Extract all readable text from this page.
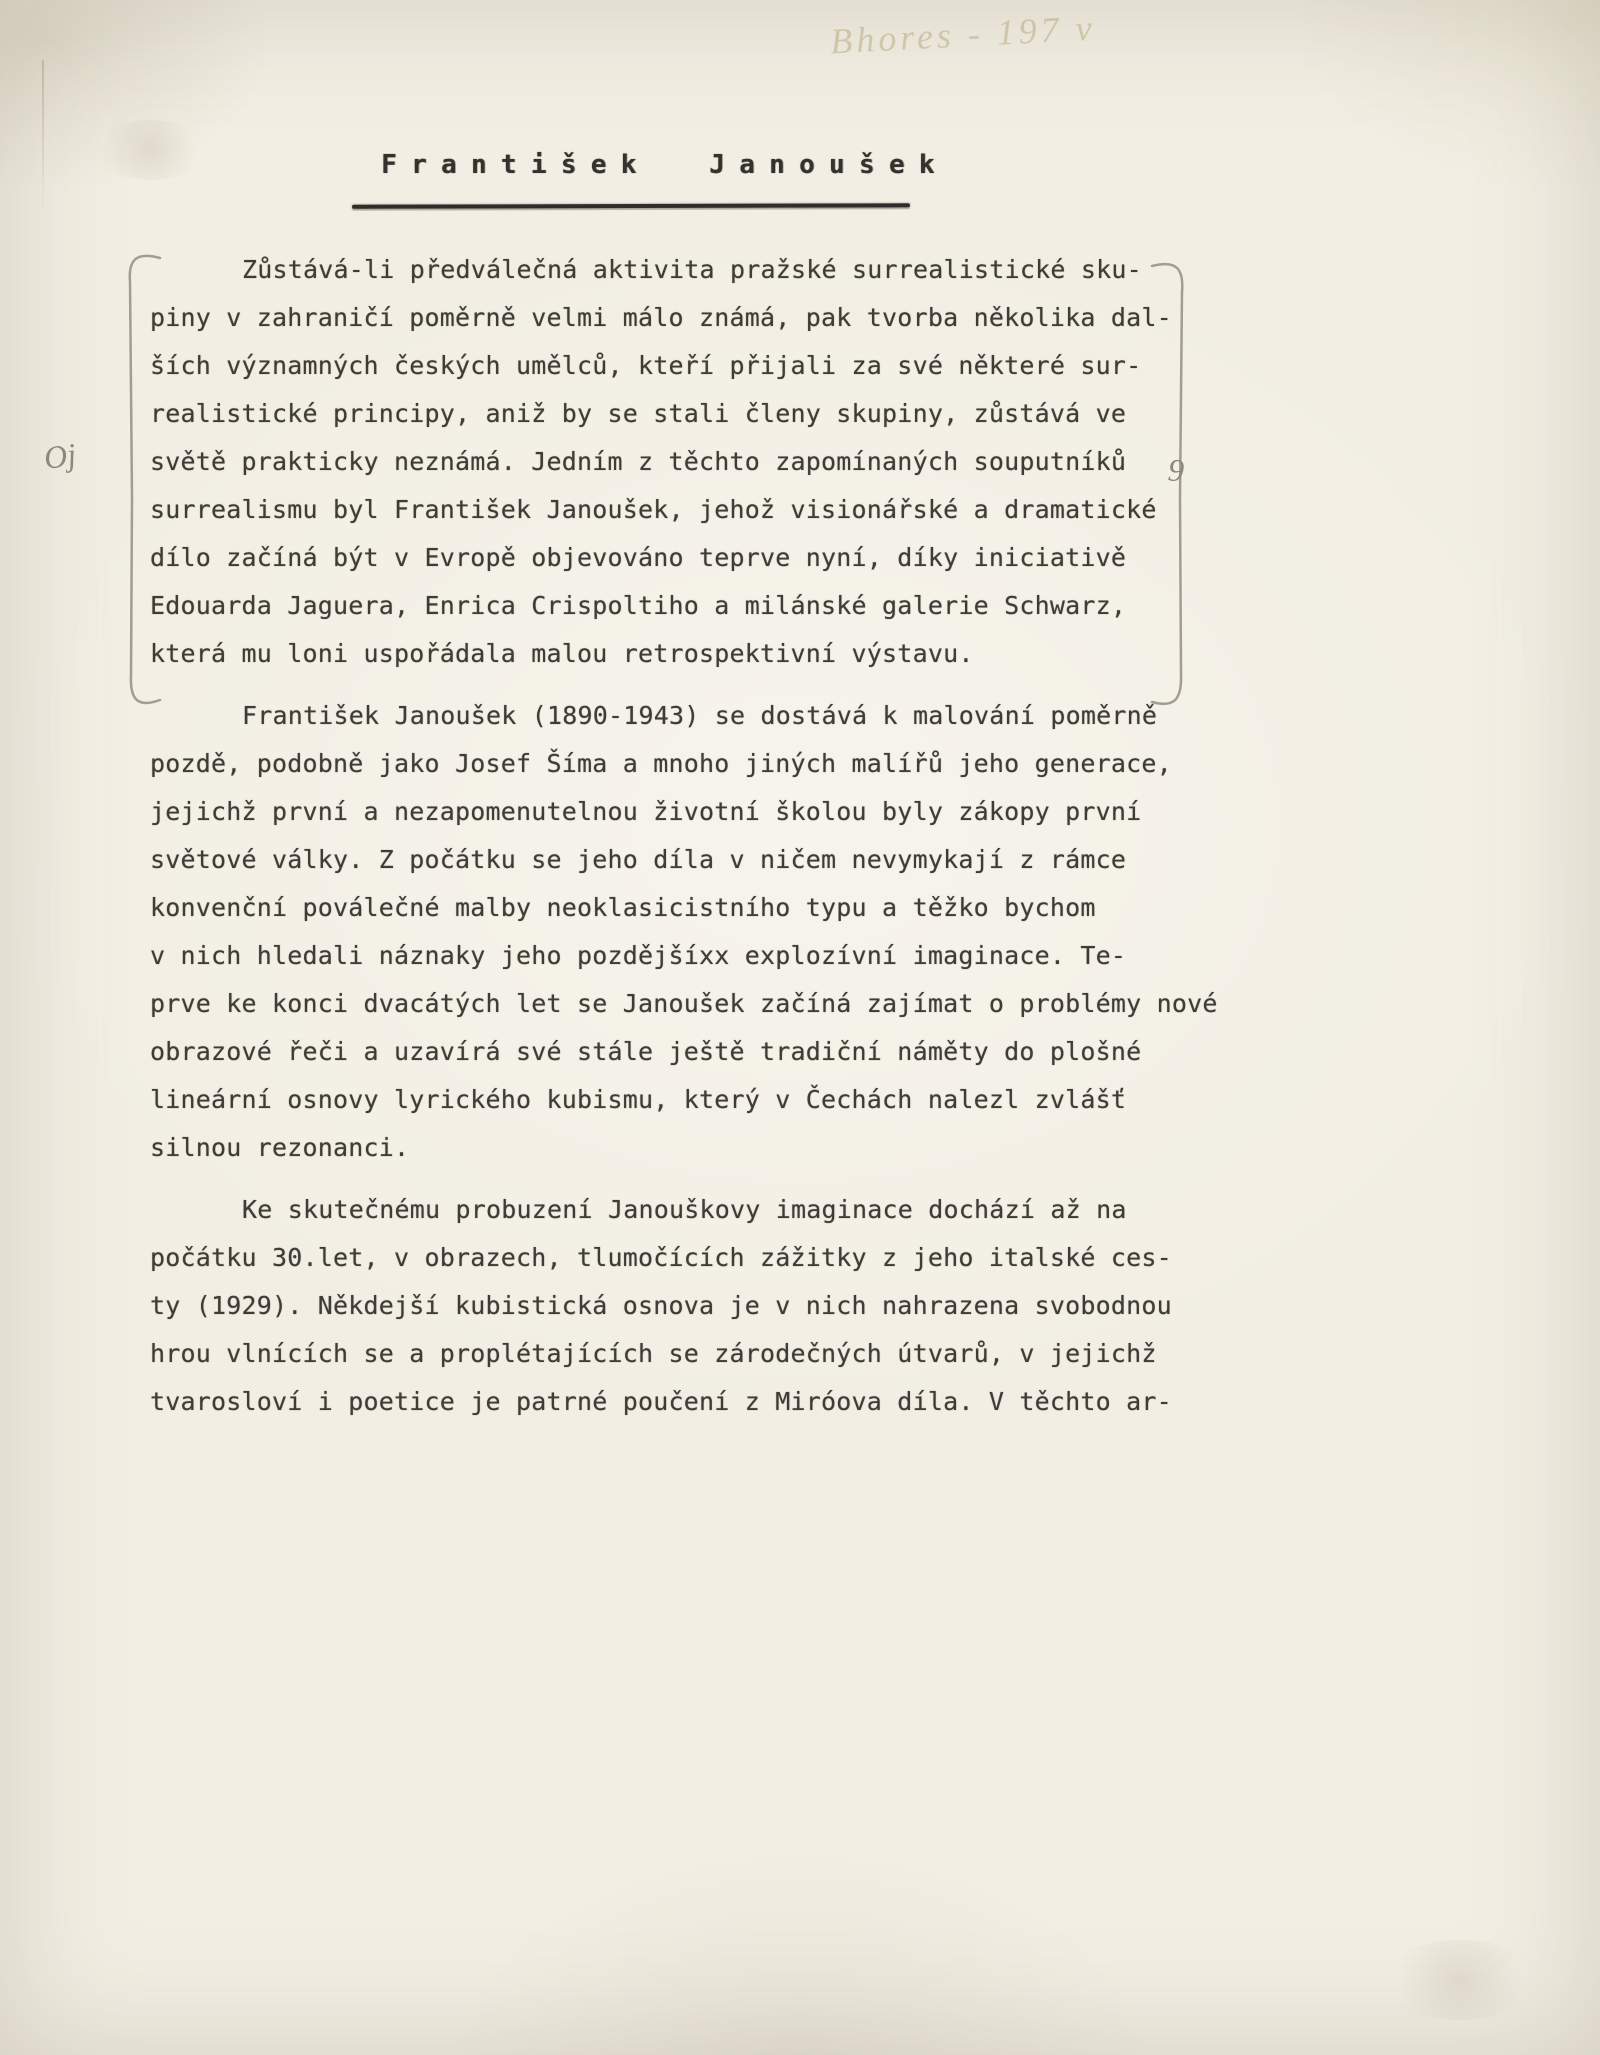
Bhores - 197 v
František Janoušek
Zůstává-li předválečná aktivita pražské surrealistické sku-
piny v zahraničí poměrně velmi málo známá, pak tvorba několika dal-
ších významných českých umělců, kteří přijali za své některé sur-
realistické principy, aniž by se stali členy skupiny, zůstává ve
světě prakticky neznámá. Jedním z těchto zapomínaných souputníků
surrealismu byl František Janoušek, jehož visionářské a dramatické
dílo začíná být v Evropě objevováno teprve nyní, díky iniciativě
Edouarda Jaguera, Enrica Crispoltiho a milánské galerie Schwarz,
která mu loni uspořádala malou retrospektivní výstavu.
František Janoušek (1890-1943) se dostává k malování poměrně
pozdě, podobně jako Josef Šíma a mnoho jiných malířů jeho generace,
jejichž první a nezapomenutelnou životní školou byly zákopy první
světové války. Z počátku se jeho díla v ničem nevymykají z rámce
konvenční poválečné malby neoklasicistního typu a těžko bychom
v nich hledali náznaky jeho pozdějšíxx explozívní imaginace. Te-
prve ke konci dvacátých let se Janoušek začíná zajímat o problémy nové
obrazové řeči a uzavírá své stále ještě tradiční náměty do plošné
lineární osnovy lyrického kubismu, který v Čechách nalezl zvlášť
silnou rezonanci.
Ke skutečnému probuzení Janouškovy imaginace dochází až na
počátku 30.let, v obrazech, tlumočících zážitky z jeho italské ces-
ty (1929). Někdejší kubistická osnova je v nich nahrazena svobodnou
hrou vlnících se a proplétajících se zárodečných útvarů, v jejichž
tvarosloví i poetice je patrné poučení z Miróova díla. V těchto ar-
Oj	9
